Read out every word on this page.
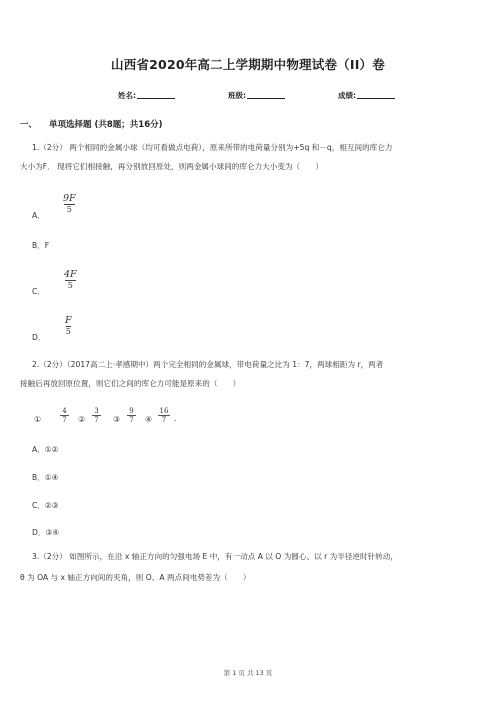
山西省2020年高二上学期期中物理试卷（II）卷
姓名:	班级:	成绩:
一、 单项选择题 (共8题；共16分)
1.（2分） 两个相同的金属小球（均可看做点电荷），原来所带的电荷量分别为+5q 和－q，相互间的库仑力
大小为F． 现将它们相接触，再分别放回原处，则两金属小球间的库仑力大小变为（　　）
A．
9F
5
B．F
C．
4F
5
D．
F
5
2.（2分）（2017高二上·孝感期中）两个完全相同的金属球，带电荷量之比为 1：7，两球相距为 r，两者
接触后再放回原位置，则它们之间的库仑力可能是原来的（　　）
①
4
7 ②
3
7 ③
9
7 ④
16
7 .
A．①②
B．①④
C．②③
D．③④
3.（2分） 如图所示，在沿 x 轴正方向的匀强电场 E 中，有一动点 A 以 O 为圆心、以 r 为半径逆时针转动，
θ 为 OA 与 x 轴正方向间的夹角，则 O、A 两点间电势差为（　　）
第 1 页 共 13 页
